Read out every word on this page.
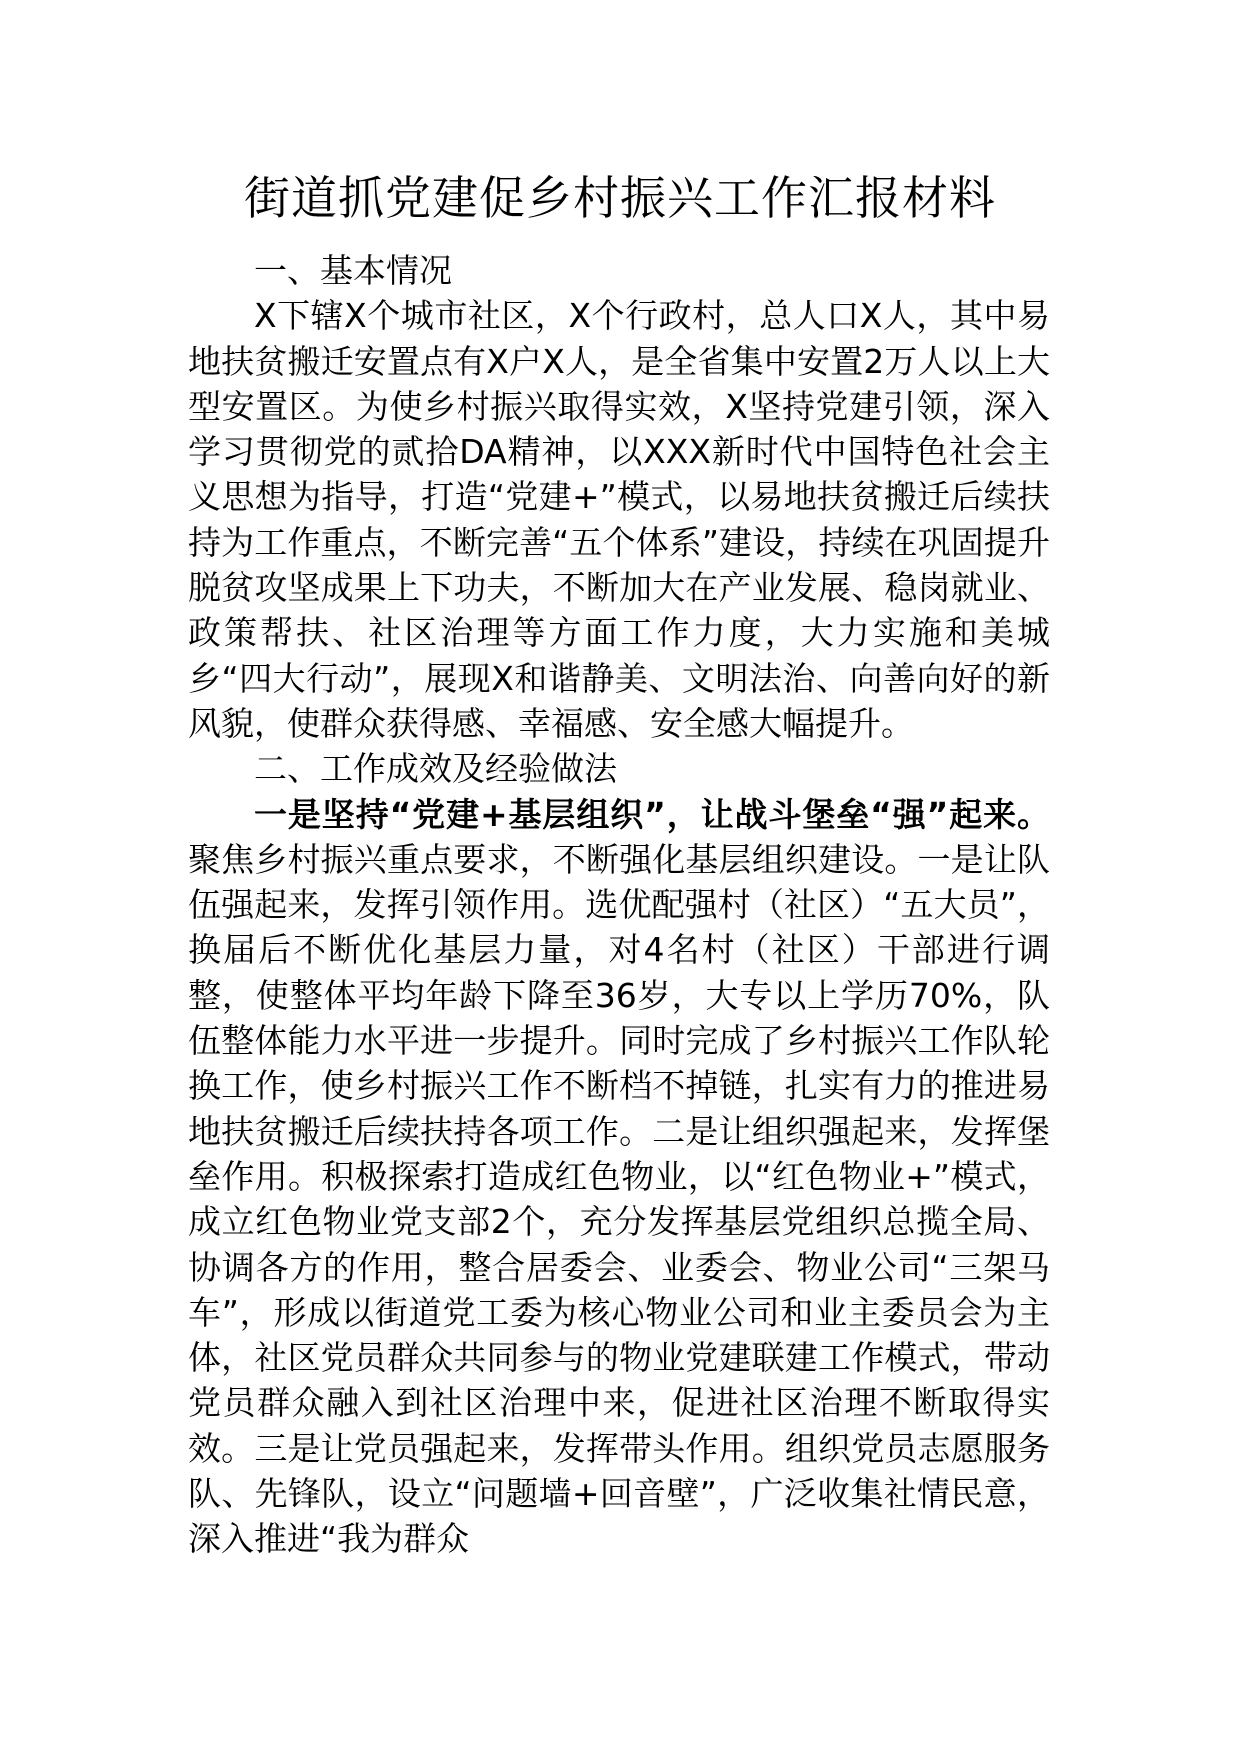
街道抓党建促乡村振兴工作汇报材料

一、基本情况

X下辖X个城市社区，X个行政村，总人口X人，其中易地扶贫搬迁安置点有X户X人，是全省集中安置2万人以上大型安置区。为使乡村振兴取得实效，X坚持党建引领，深入学习贯彻党的贰拾DA精神，以XXX新时代中国特色社会主义思想为指导，打造“党建+”模式，以易地扶贫搬迁后续扶持为工作重点，不断完善“五个体系”建设，持续在巩固提升脱贫攻坚成果上下功夫，不断加大在产业发展、稳岗就业、政策帮扶、社区治理等方面工作力度，大力实施和美城乡“四大行动”，展现X和谐静美、文明法治、向善向好的新风貌，使群众获得感、幸福感、安全感大幅提升。

二、工作成效及经验做法

一是坚持“党建+基层组织”，让战斗堡垒“强”起来。聚焦乡村振兴重点要求，不断强化基层组织建设。一是让队伍强起来，发挥引领作用。选优配强村（社区）“五大员”，换届后不断优化基层力量，对4名村（社区）干部进行调整，使整体平均年龄下降至36岁，大专以上学历70%，队伍整体能力水平进一步提升。同时完成了乡村振兴工作队轮换工作，使乡村振兴工作不断档不掉链，扎实有力的推进易地扶贫搬迁后续扶持各项工作。二是让组织强起来，发挥堡垒作用。积极探索打造成红色物业，以“红色物业+”模式，成立红色物业党支部2个，充分发挥基层党组织总揽全局、协调各方的作用，整合居委会、业委会、物业公司“三架马车”，形成以街道党工委为核心物业公司和业主委员会为主体，社区党员群众共同参与的物业党建联建工作模式，带动党员群众融入到社区治理中来，促进社区治理不断取得实效。三是让党员强起来，发挥带头作用。组织党员志愿服务队、先锋队，设立“问题墙+回音壁”，广泛收集社情民意，深入推进“我为群众
